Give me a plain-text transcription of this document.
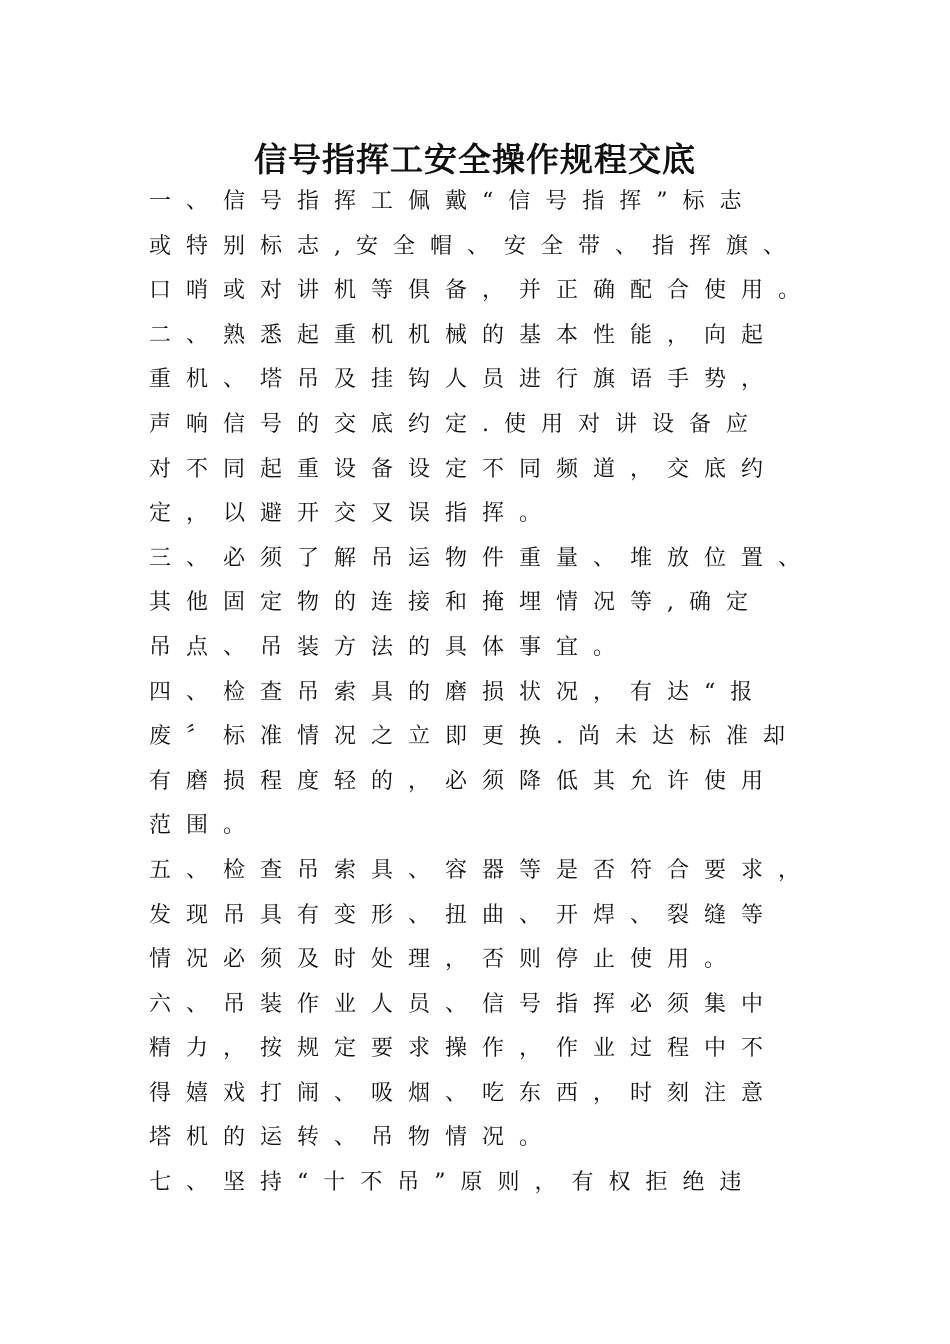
信号指挥工安全操作规程交底
一、信号指挥工佩戴“信号指挥”标志
或特别标志,安全帽、安全带、指挥旗、
口哨或对讲机等俱备，并正确配合使用。
二、熟悉起重机机械的基本性能，向起
重机、塔吊及挂钩人员进行旗语手势，
声响信号的交底约定.使用对讲设备应
对不同起重设备设定不同频道，交底约
定，以避开交叉误指挥。
三、必须了解吊运物件重量、堆放位置、
其他固定物的连接和掩埋情况等,确定
吊点、吊装方法的具体事宜。
四、检查吊索具的磨损状况，有达“报
废〞标准情况之立即更换.尚未达标准却
有磨损程度轻的，必须降低其允许使用
范围。
五、检查吊索具、容器等是否符合要求，
发现吊具有变形、扭曲、开焊、裂缝等
情况必须及时处理，否则停止使用。
六、吊装作业人员、信号指挥必须集中
精力，按规定要求操作，作业过程中不
得嬉戏打闹、吸烟、吃东西，时刻注意
塔机的运转、吊物情况。
七、坚持“十不吊”原则，有权拒绝违
